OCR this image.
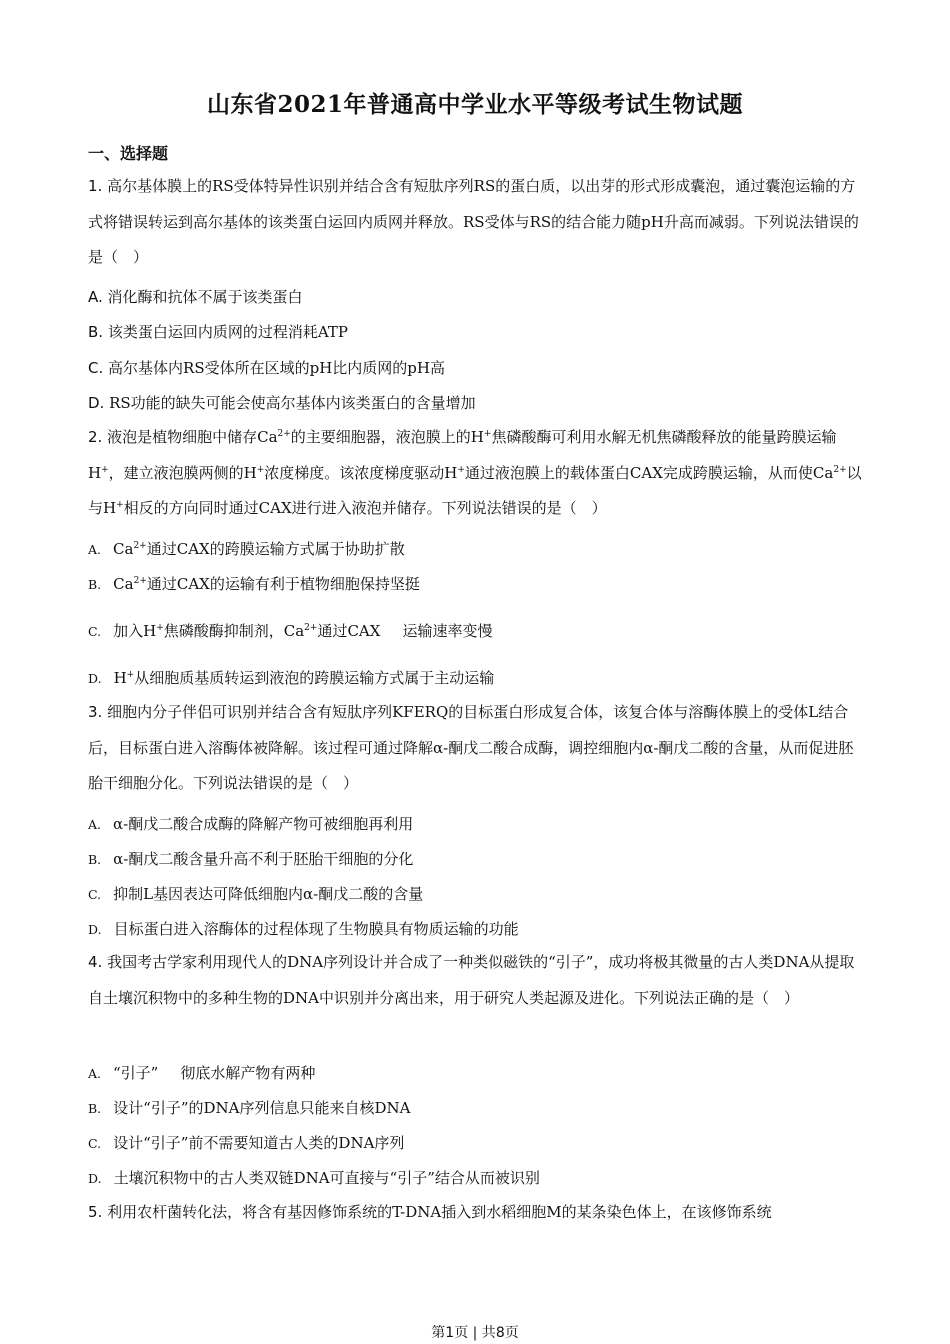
山东省2021年普通高中学业水平等级考试生物试题
一、选择题
1. 高尔基体膜上的RS受体特异性识别并结合含有短肽序列RS的蛋白质，以出芽的形式形成囊泡，通过囊泡运输的方式将错误转运到高尔基体的该类蛋白运回内质网并释放。RS受体与RS的结合能力随pH升高而减弱。下列说法错误的是（　）
A. 消化酶和抗体不属于该类蛋白
B. 该类蛋白运回内质网的过程消耗ATP
C. 高尔基体内RS受体所在区域的pH比内质网的pH高
D. RS功能的缺失可能会使高尔基体内该类蛋白的含量增加
2. 液泡是植物细胞中储存$Ca^{2+}$的主要细胞器，液泡膜上的H+焦磷酸酶可利用水解无机焦磷酸释放的能量跨膜运输H+，建立液泡膜两侧的H+浓度梯度。该浓度梯度驱动H+通过液泡膜上的载体蛋白CAX完成跨膜运输，从而使$Ca^{2+}$以与H+相反的方向同时通过CAX进行进入液泡并储存。下列说法错误的是（　）
A. $Ca^{2+}$通过CAX的跨膜运输方式属于协助扩散
B. $Ca^{2+}$通过CAX的运输有利于植物细胞保持坚挺
C. 加入H+焦磷酸酶抑制剂，$Ca^{2+}$通过CAX 运输速率变慢
D. H+从细胞质基质转运到液泡的跨膜运输方式属于主动运输
3. 细胞内分子伴侣可识别并结合含有短肽序列KFERQ的目标蛋白形成复合体，该复合体与溶酶体膜上的受体L结合后，目标蛋白进入溶酶体被降解。该过程可通过降解α-酮戊二酸合成酶，调控细胞内α-酮戊二酸的含量，从而促进胚胎干细胞分化。下列说法错误的是（　）
A. α-酮戊二酸合成酶的降解产物可被细胞再利用
B. α-酮戊二酸含量升高不利于胚胎干细胞的分化
C. 抑制L基因表达可降低细胞内α-酮戊二酸的含量
D. 目标蛋白进入溶酶体的过程体现了生物膜具有物质运输的功能
4. 我国考古学家利用现代人的DNA序列设计并合成了一种类似磁铁的“引子”，成功将极其微量的古人类DNA从提取自土壤沉积物中的多种生物的DNA中识别并分离出来，用于研究人类起源及进化。下列说法正确的是（　）
A. “引子” 彻底水解产物有两种
B. 设计“引子”的DNA序列信息只能来自核DNA
C. 设计“引子”前不需要知道古人类的DNA序列
D. 土壤沉积物中的古人类双链DNA可直接与“引子”结合从而被识别
5. 利用农杆菌转化法，将含有基因修饰系统的T-DNA插入到水稻细胞M的某条染色体上，在该修饰系统
第1页 | 共8页
